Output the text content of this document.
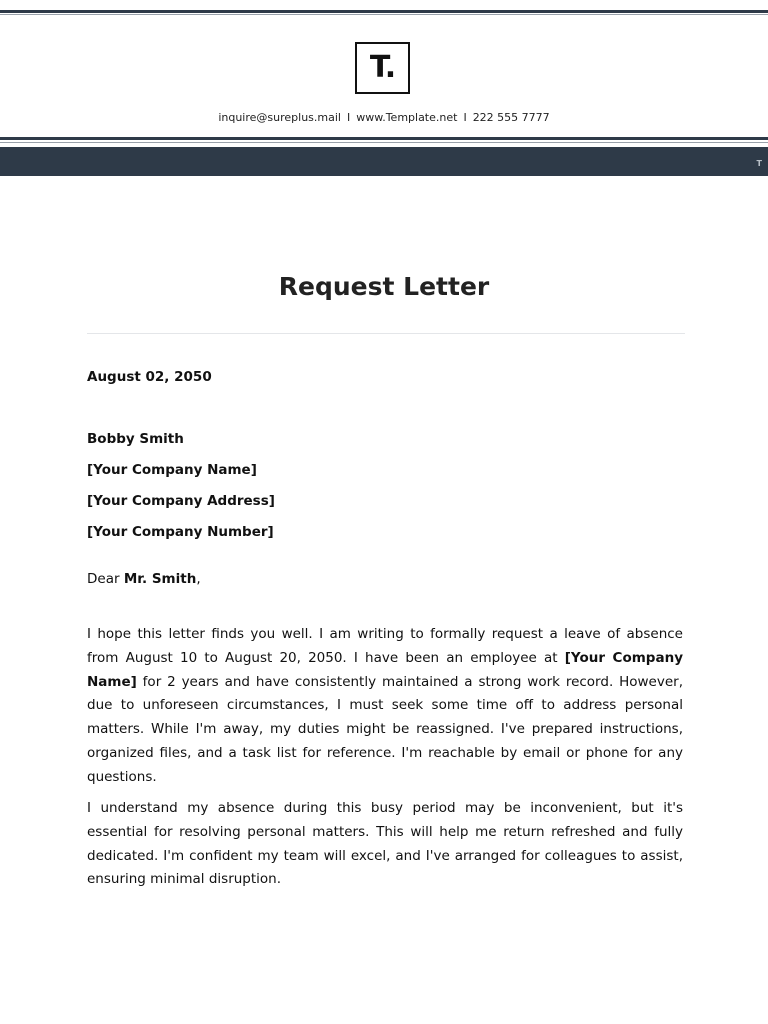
T.
inquire@sureplus.mail I www.Template.net I 222 555 7777
T
Request Letter
August 02, 2050
Bobby Smith
[Your Company Name]
[Your Company Address]
[Your Company Number]
Dear Mr. Smith,
I hope this letter finds you well. I am writing to formally request a leave of absence from August 10 to August 20, 2050. I have been an employee at [Your Company Name] for 2 years and have consistently maintained a strong work record. However, due to unforeseen circumstances, I must seek some time off to address personal matters. While I'm away, my duties might be reassigned. I've prepared instructions, organized files, and a task list for reference. I'm reachable by email or phone for any questions.
I understand my absence during this busy period may be inconvenient, but it's essential for resolving personal matters. This will help me return refreshed and fully dedicated. I'm confident my team will excel, and I've arranged for colleagues to assist, ensuring minimal disruption.
